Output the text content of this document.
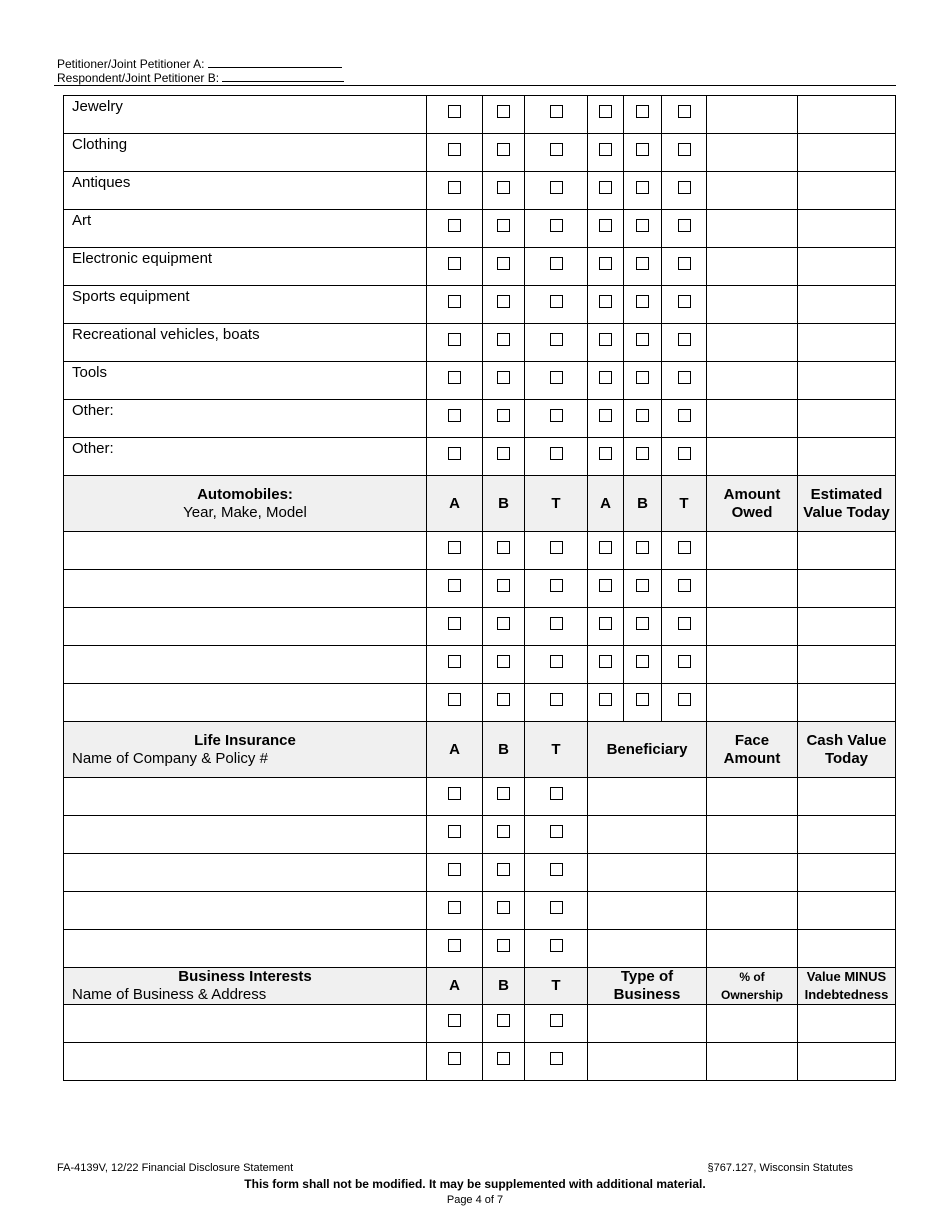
Petitioner/Joint Petitioner A:
Respondent/Joint Petitioner B:
Jewelry								

Clothing								

Antiques								

Art								

Electronic equipment								

Sports equipment								

Recreational vehicles, boats								

Tools								

Other:								

Other:								

Automobiles:
Year, Make, Model	A	B	T	A	B	T	Amount Owed	Estimated Value Today

Life Insurance
Name of Company & Policy #	A	B	T	Beneficiary			Face Amount	Cash Value Today

Business Interests
Name of Business & Address	A	B	T	Type of Business			% of Ownership	Value MINUS Indebtedness

FA-4139V, 12/22 Financial Disclosure Statement	§767.127, Wisconsin Statutes
This form shall not be modified. It may be supplemented with additional material.
Page 4 of 7
